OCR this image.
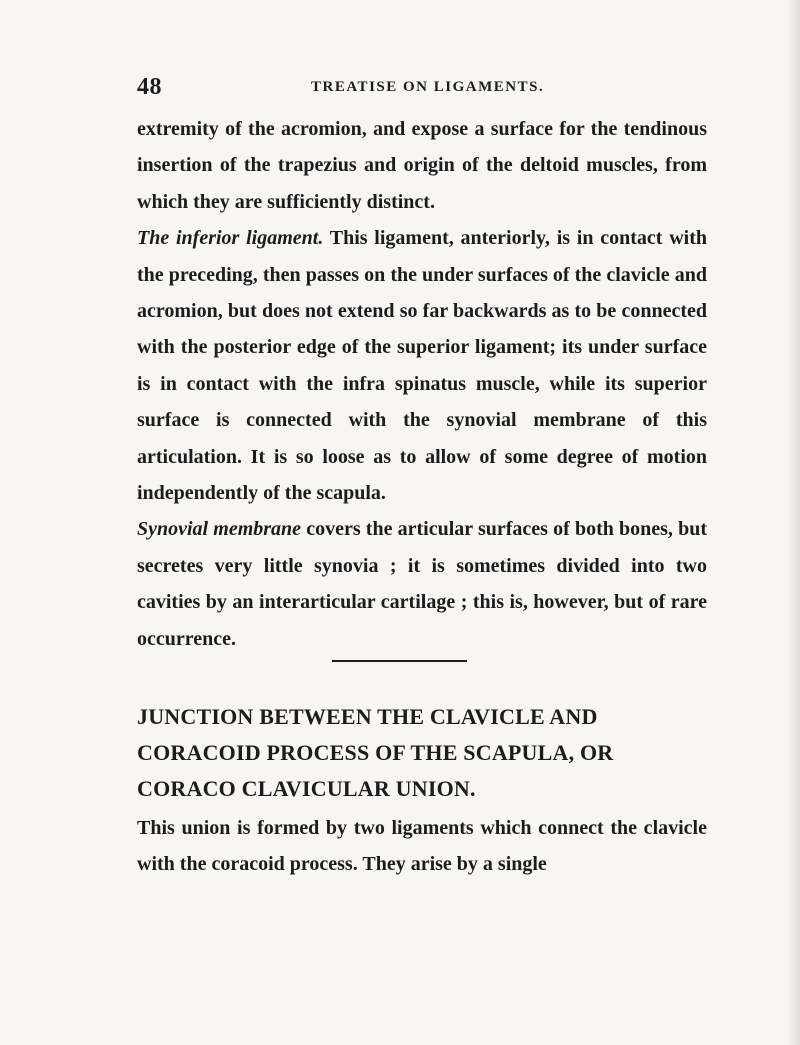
48	TREATISE ON LIGAMENTS.

extremity of the acromion, and expose a surface for the tendinous insertion of the trapezius and origin of the deltoid muscles, from which they are sufficiently distinct.

The inferior ligament. This ligament, anteriorly, is in contact with the preceding, then passes on the under surfaces of the clavicle and acromion, but does not extend so far backwards as to be connected with the posterior edge of the superior ligament; its under surface is in contact with the infra spinatus muscle, while its superior surface is connected with the synovial membrane of this articulation. It is so loose as to allow of some degree of motion independently of the scapula.

Synovial membrane covers the articular surfaces of both bones, but secretes very little synovia ; it is sometimes divided into two cavities by an interarticular cartilage ; this is, however, but of rare occurrence.

JUNCTION BETWEEN THE CLAVICLE AND CORACOID PROCESS OF THE SCAPULA, OR CORACO CLAVICULAR UNION.

This union is formed by two ligaments which connect the clavicle with the coracoid process. They arise by a single
